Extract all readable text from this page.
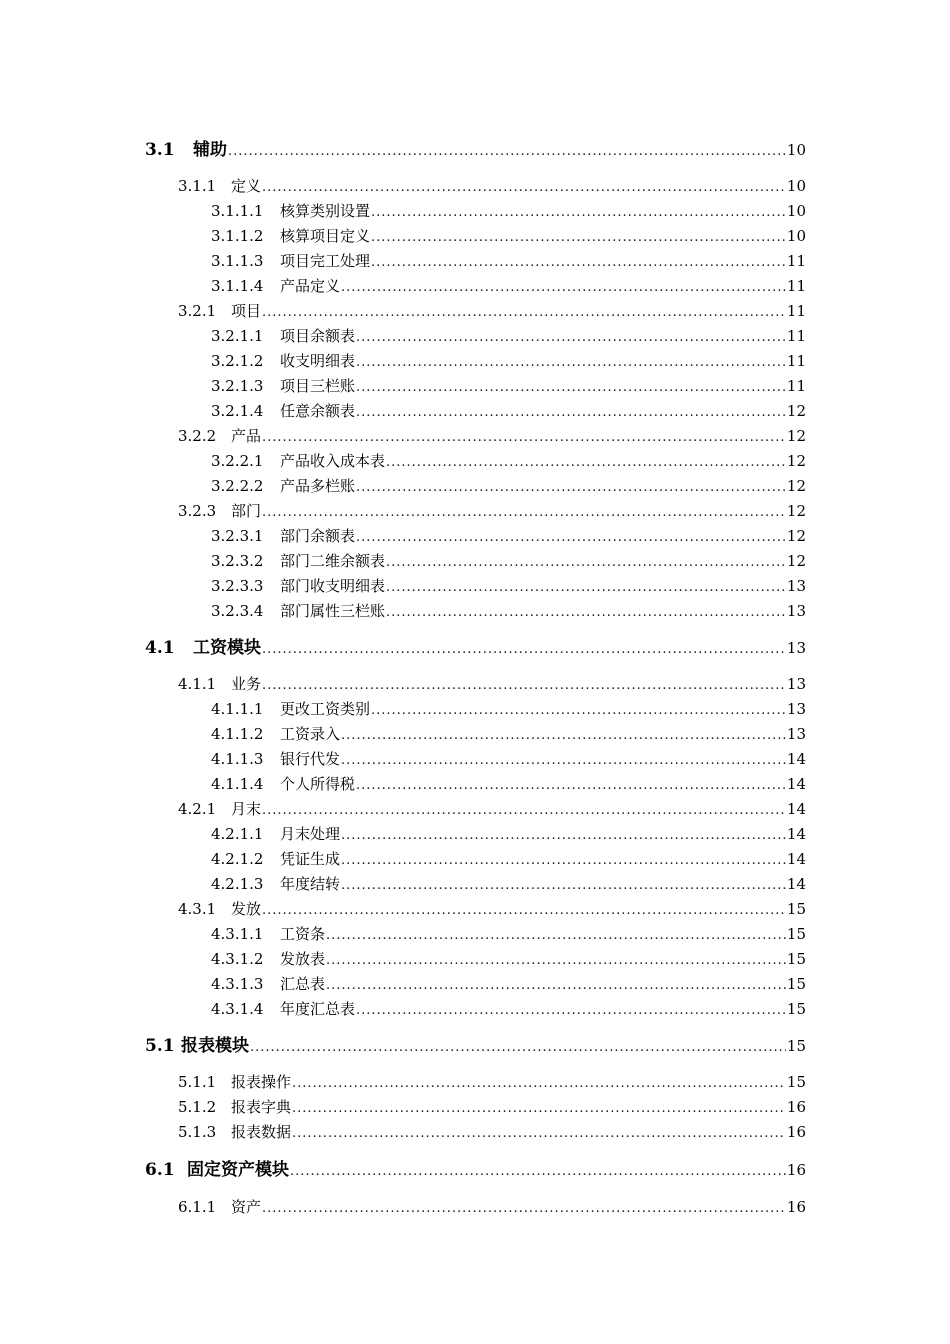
3.1	辅助 .....	10
3.1.1 定义 .....	10
3.1.1.1	核算类别设置 .....	10
3.1.1.2	核算项目定义 .....	10
3.1.1.3	项目完工处理 .....	11
3.1.1.4	产品定义 .....	11
3.2.1 项目 .....	11
3.2.1.1	项目余额表 .....	11
3.2.1.2	收支明细表 .....	11
3.2.1.3	项目三栏账 .....	11
3.2.1.4	任意余额表 .....	12
3.2.2 产品 .....	12
3.2.2.1	产品收入成本表 .....	12
3.2.2.2	产品多栏账 .....	12
3.2.3 部门 .....	12
3.2.3.1	部门余额表 .....	12
3.2.3.2	部门二维余额表 .....	12
3.2.3.3	部门收支明细表 .....	13
3.2.3.4	部门属性三栏账 .....	13
4.1	工资模块 .....	13
4.1.1 业务 .....	13
4.1.1.1	更改工资类别 .....	13
4.1.1.2	工资录入 .....	13
4.1.1.3	银行代发 .....	14
4.1.1.4	个人所得税 .....	14
4.2.1 月末 .....	14
4.2.1.1	月末处理 .....	14
4.2.1.2	凭证生成 .....	14
4.2.1.3	年度结转 .....	14
4.3.1 发放 .....	15
4.3.1.1	工资条 .....	15
4.3.1.2	发放表 .....	15
4.3.1.3	汇总表 .....	15
4.3.1.4	年度汇总表 .....	15
5.1 报表模块 .....	15
5.1.1 报表操作 .....	15
5.1.2 报表字典 .....	16
5.1.3 报表数据 .....	16
6.1 固定资产模块 .....	16
6.1.1 资产 .....	16
